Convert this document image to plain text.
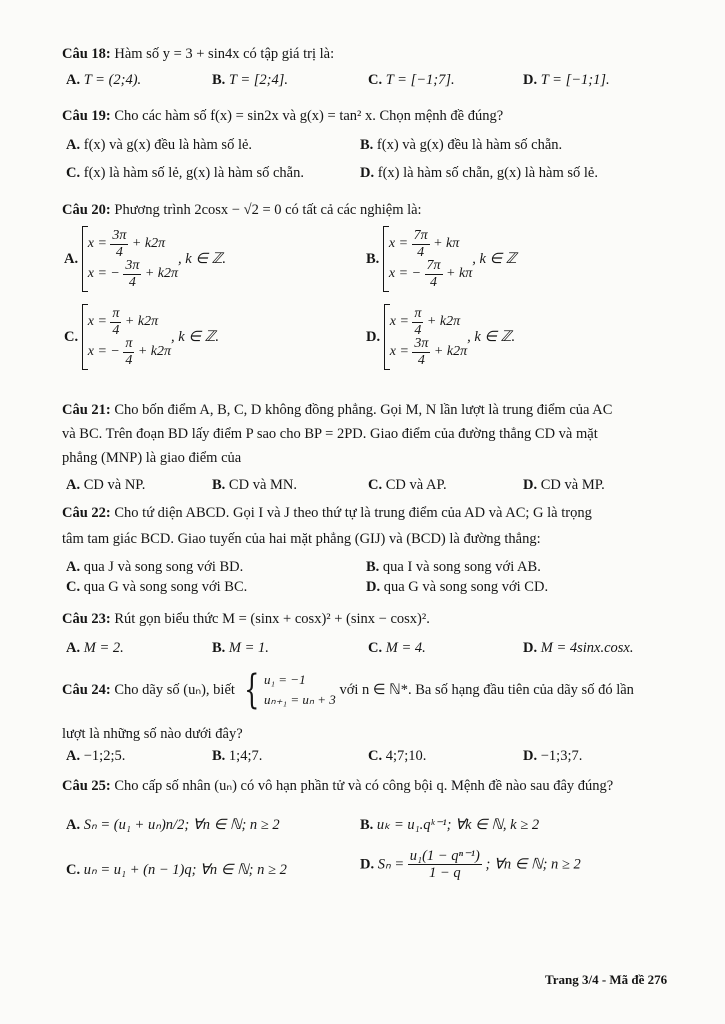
Câu 18: Hàm số y = 3 + sin4x có tập giá trị là:
A. T = (2;4).	B. T = [2;4].	C. T = [−1;7].	D. T = [−1;1].
Câu 19: Cho các hàm số f(x) = sin2x và g(x) = tan² x. Chọn mệnh đề đúng?
A. f(x) và g(x) đều là hàm số lẻ.	B. f(x) và g(x) đều là hàm số chẵn.
C. f(x) là hàm số lẻ, g(x) là hàm số chẵn.	D. f(x) là hàm số chẵn, g(x) là hàm số lẻ.
Câu 20: Phương trình 2cosx − √2 = 0 có tất cả các nghiệm là:
A.
x =
$\frac{3\pi}{4}$
+ k2π
x = −
$\frac{3\pi}{4}$
+ k2π
, k ∈ ℤ.	B.
x =
$\frac{7\pi}{4}$
+ kπ
x = −
$\frac{7\pi}{4}$
+ kπ
, k ∈ ℤ
C.
x =
$\frac{\pi}{4}$
+ k2π
x = −
$\frac{\pi}{4}$
+ k2π
, k ∈ ℤ.	D.
x =
$\frac{\pi}{4}$
+ k2π
x =
$\frac{3\pi}{4}$
+ k2π
, k ∈ ℤ.
Câu 21: Cho bốn điểm A, B, C, D không đồng phẳng. Gọi M, N lần lượt là trung điểm của AC
và BC. Trên đoạn BD lấy điểm P sao cho BP = 2PD. Giao điểm của đường thẳng CD và mặt
phẳng (MNP) là giao điểm của
A. CD và NP.	B. CD và MN.	C. CD và AP.	D. CD và MP.
Câu 22: Cho tứ diện ABCD. Gọi I và J theo thứ tự là trung điểm của AD và AC; G là trọng
tâm tam giác BCD. Giao tuyến của hai mặt phẳng (GIJ) và (BCD) là đường thẳng:
A. qua J và song song với BD.	B. qua I và song song với AB.
C. qua G và song song với BC.	D. qua G và song song với CD.
Câu 23: Rút gọn biểu thức M = (sinx + cosx)² + (sinx − cosx)².
A. M = 2.	B. M = 1.	C. M = 4.	D. M = 4sinx.cosx.
Câu 24: Cho dãy số (uₙ), biết { u₁ = −1
uₙ₊₁ = uₙ + 3
với n ∈ ℕ*. Ba số hạng đầu tiên của dãy số đó lần
lượt là những số nào dưới đây?
A. −1;2;5.	B. 1;4;7.	C. 4;7;10.	D. −1;3;7.
Câu 25: Cho cấp số nhân (uₙ) có vô hạn phần tử và có công bội q. Mệnh đề nào sau đây đúng?
A. Sₙ = (u₁ + uₙ)n/2; ∀n ∈ ℕ; n ≥ 2	B. uₖ = u₁.qᵏ⁻¹; ∀k ∈ ℕ, k ≥ 2
C. uₙ = u₁ + (n − 1)q; ∀n ∈ ℕ; n ≥ 2	D. $S_n = \frac{\text{u₁(1 − qⁿ⁻¹)}}{1 - q}$ ; ∀n ∈ ℕ; n ≥ 2
Trang 3/4 - Mã đề 276
